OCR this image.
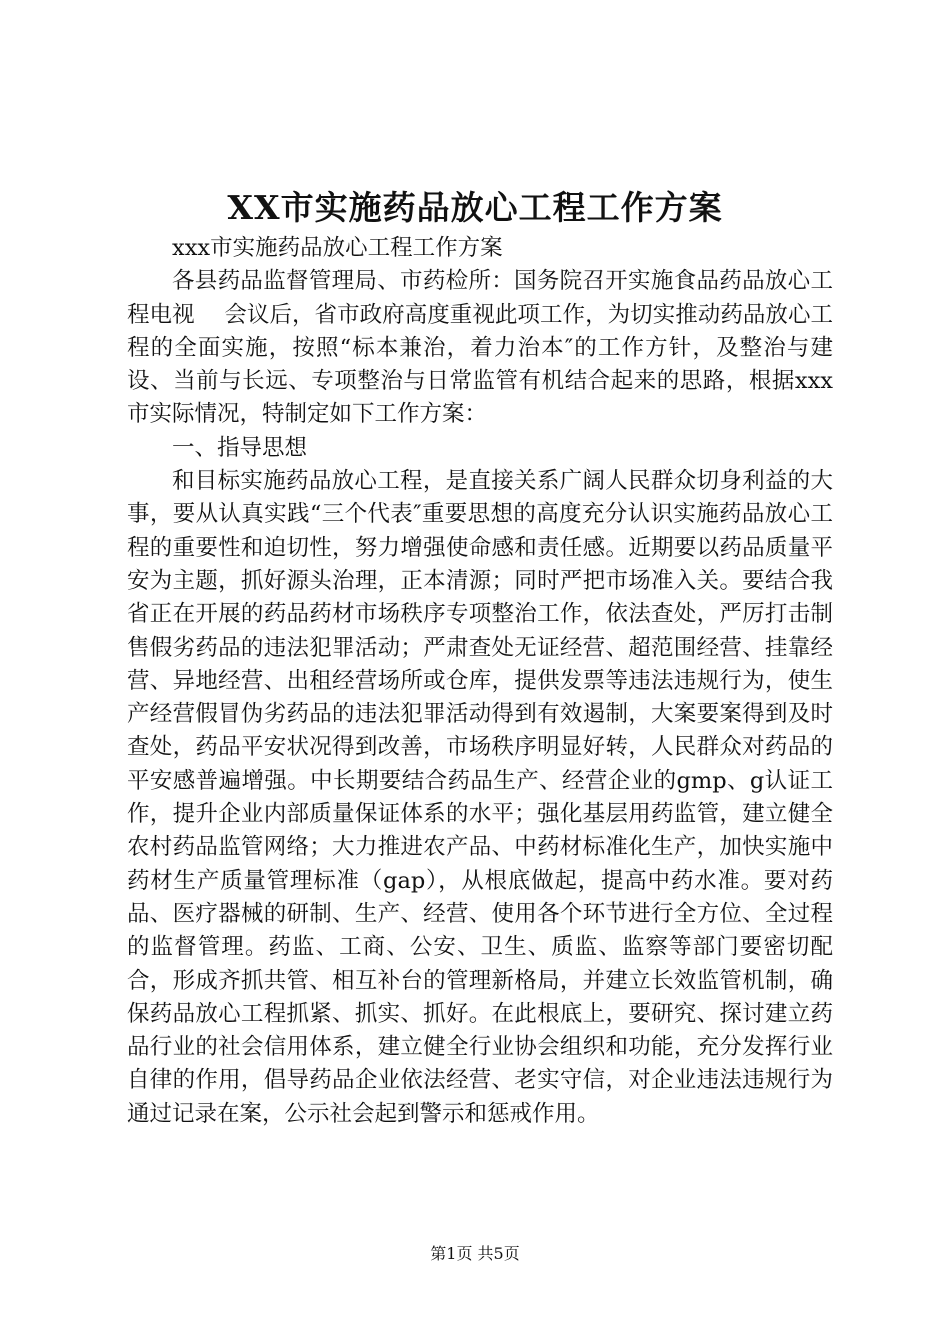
XX市实施药品放心工程工作方案

xxx市实施药品放心工程工作方案

各县药品监督管理局、市药检所：国务院召开实施食品药品放心工程电视　 会议后，省市政府高度重视此项工作，为切实推动药品放心工程的全面实施，按照“标本兼治，着力治本″的工作方针，及整治与建设、当前与长远、专项整治与日常监管有机结合起来的思路，根据xxx市实际情况，特制定如下工作方案：

一、指导思想

和目标实施药品放心工程，是直接关系广阔人民群众切身利益的大事，要从认真实践“三个代表″重要思想的高度充分认识实施药品放心工程的重要性和迫切性，努力增强使命感和责任感。近期要以药品质量平安为主题，抓好源头治理，正本清源；同时严把市场准入关。要结合我省正在开展的药品药材市场秩序专项整治工作，依法查处，严厉打击制售假劣药品的违法犯罪活动；严肃查处无证经营、超范围经营、挂靠经营、异地经营、出租经营场所或仓库，提供发票等违法违规行为，使生产经营假冒伪劣药品的违法犯罪活动得到有效遏制，大案要案得到及时查处，药品平安状况得到改善，市场秩序明显好转，人民群众对药品的平安感普遍增强。中长期要结合药品生产、经营企业的gmp、g认证工作，提升企业内部质量保证体系的水平；强化基层用药监管，建立健全农村药品监管网络；大力推进农产品、中药材标准化生产，加快实施中药材生产质量管理标准（gap），从根底做起，提高中药水准。要对药品、医疗器械的研制、生产、经营、使用各个环节进行全方位、全过程的监督管理。药监、工商、公安、卫生、质监、监察等部门要密切配合，形成齐抓共管、相互补台的管理新格局，并建立长效监管机制，确保药品放心工程抓紧、抓实、抓好。在此根底上，要研究、探讨建立药品行业的社会信用体系，建立健全行业协会组织和功能，充分发挥行业自律的作用，倡导药品企业依法经营、老实守信，对企业违法违规行为通过记录在案，公示社会起到警示和惩戒作用。

第1页 共5页
